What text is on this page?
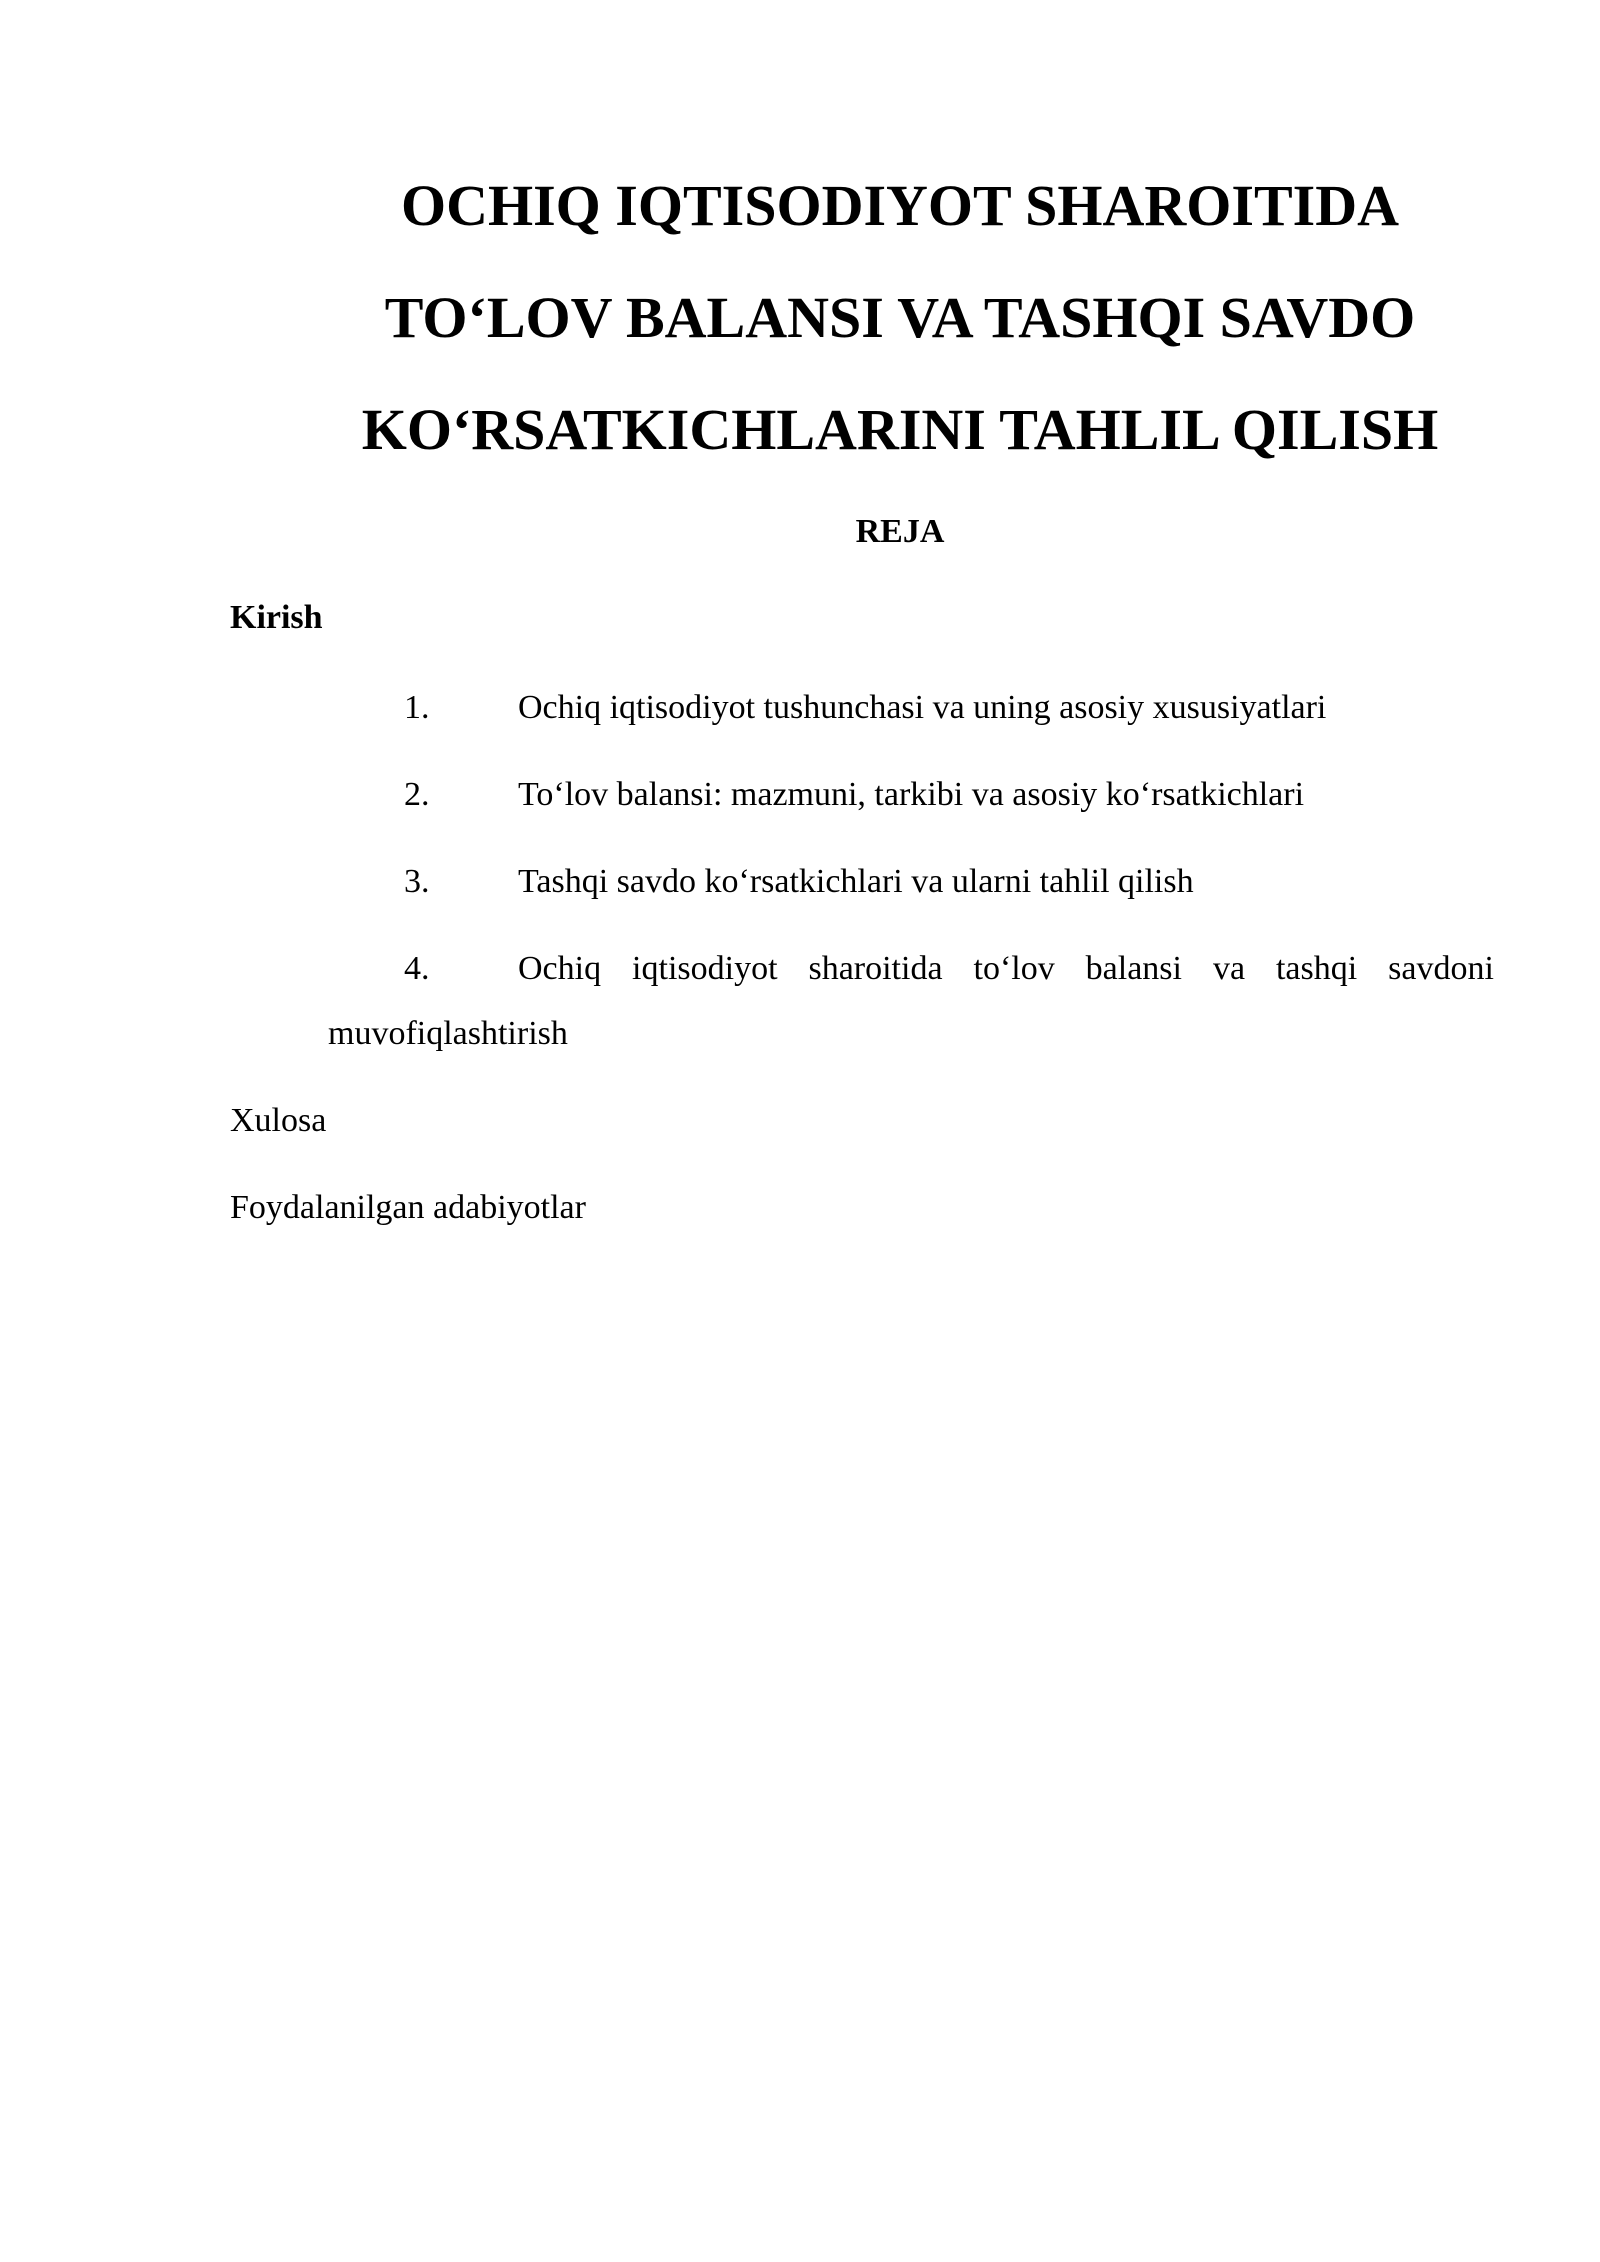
OCHIQ IQTISODIYOT SHAROITIDA
TO‘LOV BALANSI VA TASHQI SAVDO
KO‘RSATKICHLARINI TAHLIL QILISH

REJA

Kirish

1.	Ochiq iqtisodiyot tushunchasi va uning asosiy xususiyatlari
2.	To‘lov balansi: mazmuni, tarkibi va asosiy ko‘rsatkichlari
3.	Tashqi savdo ko‘rsatkichlari va ularni tahlil qilish
4.	Ochiq iqtisodiyot sharoitida to‘lov balansi va tashqi savdoni
muvofiqlashtirish

Xulosa

Foydalanilgan adabiyotlar
